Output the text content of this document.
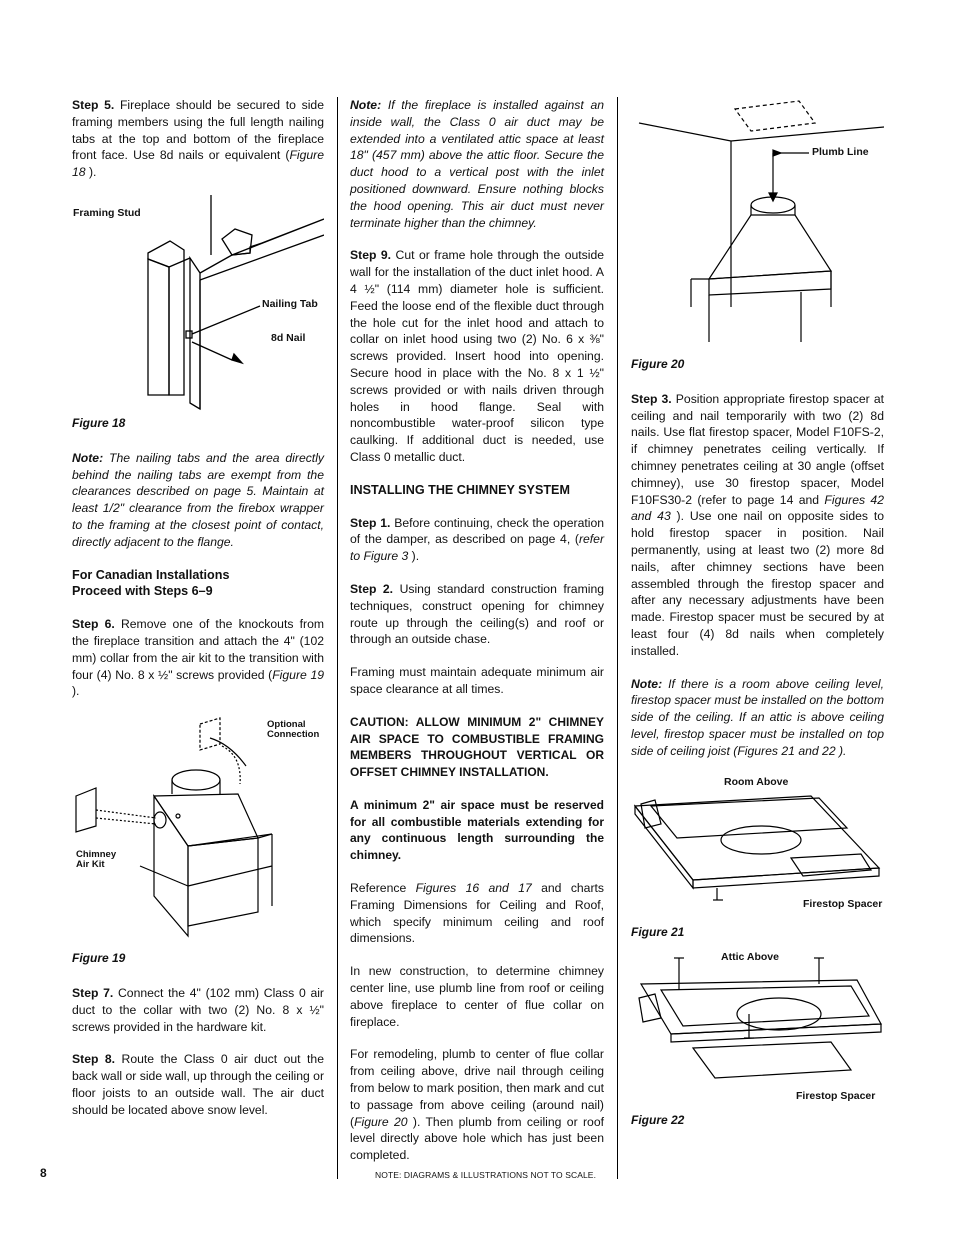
Step 5. Fireplace should be secured to side framing members using the full length nailing tabs at the top and bottom of the fireplace front face. Use 8d nails or equivalent (Figure 18 ).

Framing Stud
Nailing Tab
8d Nail
Figure 18

Note: The nailing tabs and the area directly behind the nailing tabs are exempt from the clearances described on page 5. Maintain at least 1/2" clearance from the firebox wrapper to the framing at the closest point of contact, directly adjacent to the flange.

For Canadian Installations
Proceed with Steps 6–9

Step 6. Remove one of the knockouts from the fireplace transition and attach the 4" (102 mm) collar from the air kit to the transition with four (4) No. 8 x ½" screws provided (Figure 19 ).

Optional
Connection
Chimney
Air Kit
Figure 19

Step 7. Connect the 4" (102 mm) Class 0 air duct to the collar with two (2) No. 8 x ½" screws provided in the hardware kit.

Step 8. Route the Class 0 air duct out the back wall or side wall, up through the ceiling or floor joists to an outside wall. The air duct should be located above snow level.

Note: If the fireplace is installed against an inside wall, the Class 0 air duct may be extended into a ventilated attic space at least 18" (457 mm) above the attic floor. Secure the duct hood to a vertical post with the inlet positioned downward. Ensure nothing blocks the hood opening. This air duct must never terminate higher than the chimney.

Step 9. Cut or frame hole through the outside wall for the installation of the duct inlet hood. A 4 ½" (114 mm) diameter hole is sufficient. Feed the loose end of the flexible duct through the hole cut for the inlet hood and attach to collar on inlet hood using two (2) No. 6 x ⅜" screws provided. Insert hood into opening. Secure hood in place with the No. 8 x 1 ½" screws provided or with nails driven through holes in hood flange. Seal with noncombustible water-proof silicon type caulking. If additional duct is needed, use Class 0 metallic duct.

INSTALLING THE CHIMNEY SYSTEM

Step 1. Before continuing, check the operation of the damper, as described on page 4, (refer to Figure 3 ).

Step 2. Using standard construction framing techniques, construct opening for chimney route up through the ceiling(s) and roof or through an outside chase.

Framing must maintain adequate minimum air space clearance at all times.

CAUTION: ALLOW MINIMUM 2" CHIMNEY AIR SPACE TO COMBUSTIBLE FRAMING MEMBERS THROUGHOUT VERTICAL OR OFFSET CHIMNEY INSTALLATION.

A minimum 2" air space must be reserved for all combustible materials extending for any continuous length surrounding the chimney.

Reference Figures 16 and 17 and charts Framing Dimensions for Ceiling and Roof, which specify minimum ceiling and roof dimensions.

In new construction, to determine chimney center line, use plumb line from roof or ceiling above fireplace to center of flue collar on fireplace.

For remodeling, plumb to center of flue collar from ceiling above, drive nail through ceiling from below to mark position, then mark and cut to passage from above ceiling (around nail) (Figure 20 ). Then plumb from ceiling or roof level directly above hole which has just been completed.

Plumb Line
Figure 20

Step 3. Position appropriate firestop spacer at ceiling and nail temporarily with two (2) 8d nails. Use flat firestop spacer, Model F10FS-2, if chimney penetrates ceiling vertically. If chimney penetrates ceiling at 30 angle (offset chimney), use 30 firestop spacer, Model F10FS30-2 (refer to page 14 and Figures 42 and 43 ). Use one nail on opposite sides to hold firestop spacer in position. Nail permanently, using at least two (2) more 8d nails, after chimney sections have been assembled through the firestop spacer and after any necessary adjustments have been made. Firestop spacer must be secured by at least four (4) 8d nails when completely installed.

Note: If there is a room above ceiling level, firestop spacer must be installed on the bottom side of the ceiling. If an attic is above ceiling level, firestop spacer must be installed on top side of ceiling joist (Figures 21 and 22 ).

Room Above
Firestop Spacer
Figure 21
Attic Above
Firestop Spacer
Figure 22
8	NOTE: DIAGRAMS & ILLUSTRATIONS NOT TO SCALE.
